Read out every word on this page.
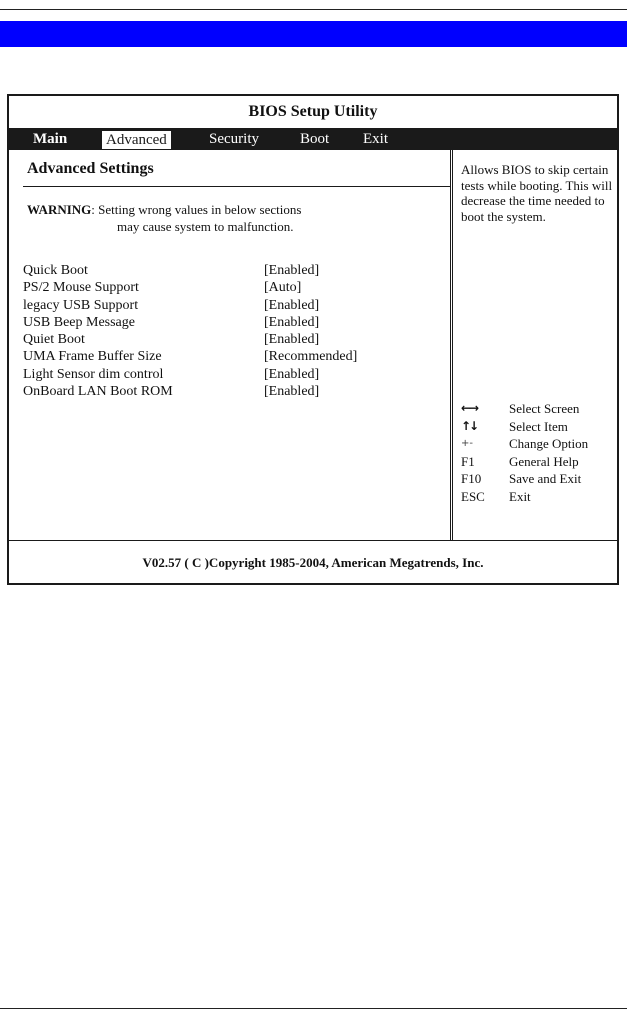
BIOS Setup Utility
Main	Advanced	Security	Boot Exit
Advanced Settings
WARNING: Setting wrong values in below sections
may cause system to malfunction.
Quick Boot	[Enabled]
PS/2 Mouse Support	[Auto]
legacy USB Support	[Enabled]
USB Beep Message	[Enabled]
Quiet Boot	[Enabled]
UMA Frame Buffer Size	[Recommended]
Light Sensor dim control	[Enabled]
OnBoard LAN Boot ROM	[Enabled]
Allows BIOS to skip certain tests while booting. This will decrease the time needed to boot the system.
←→	Select Screen
↑↓	Select Item
+-	Change Option
F1	General Help
F10	Save and Exit
ESC	Exit
V02.57 ( C )Copyright 1985-2004, American Megatrends, Inc.
